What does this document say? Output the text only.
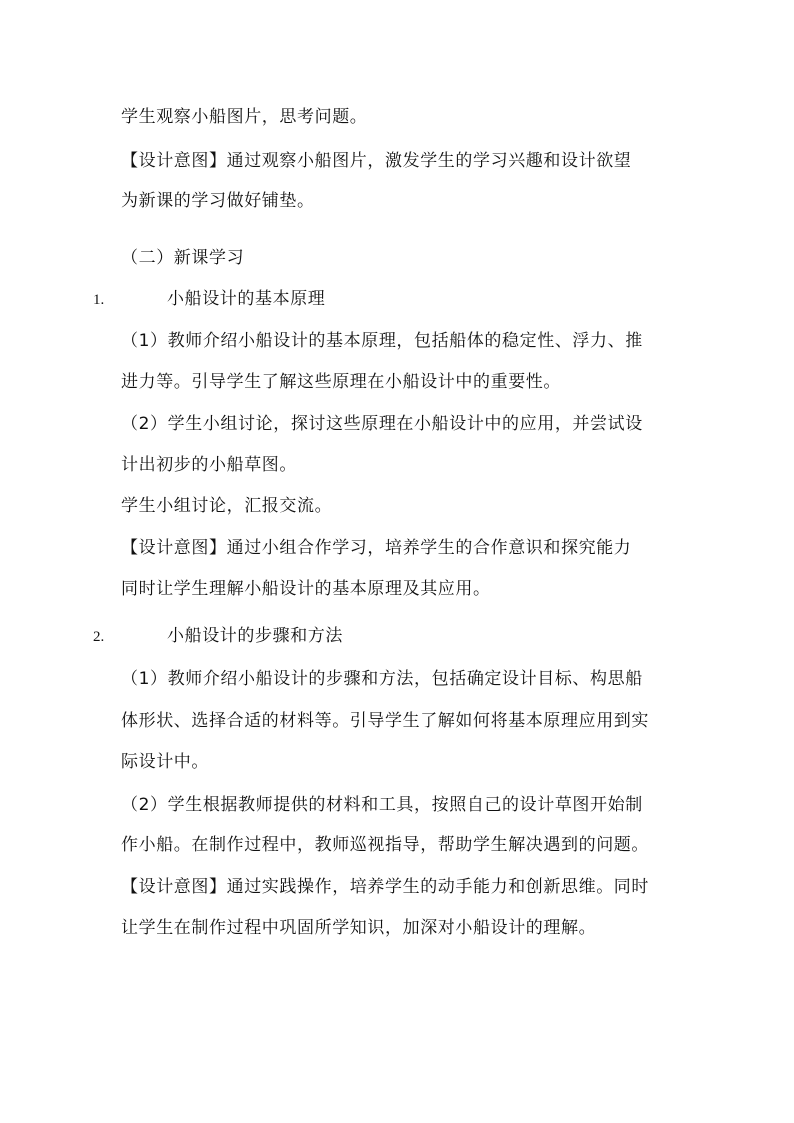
学生观察小船图片，思考问题。
【设计意图】通过观察小船图片，激发学生的学习兴趣和设计欲望
为新课的学习做好铺垫。
（二）新课学习
1.	小船设计的基本原理
（1）教师介绍小船设计的基本原理，包括船体的稳定性、浮力、推
进力等。引导学生了解这些原理在小船设计中的重要性。
（2）学生小组讨论，探讨这些原理在小船设计中的应用，并尝试设
计出初步的小船草图。
学生小组讨论，汇报交流。
【设计意图】通过小组合作学习，培养学生的合作意识和探究能力
同时让学生理解小船设计的基本原理及其应用。
2.	小船设计的步骤和方法
（1）教师介绍小船设计的步骤和方法，包括确定设计目标、构思船
体形状、选择合适的材料等。引导学生了解如何将基本原理应用到实
际设计中。
（2）学生根据教师提供的材料和工具，按照自己的设计草图开始制
作小船。在制作过程中，教师巡视指导，帮助学生解决遇到的问题。
【设计意图】通过实践操作，培养学生的动手能力和创新思维。同时
让学生在制作过程中巩固所学知识，加深对小船设计的理解。
